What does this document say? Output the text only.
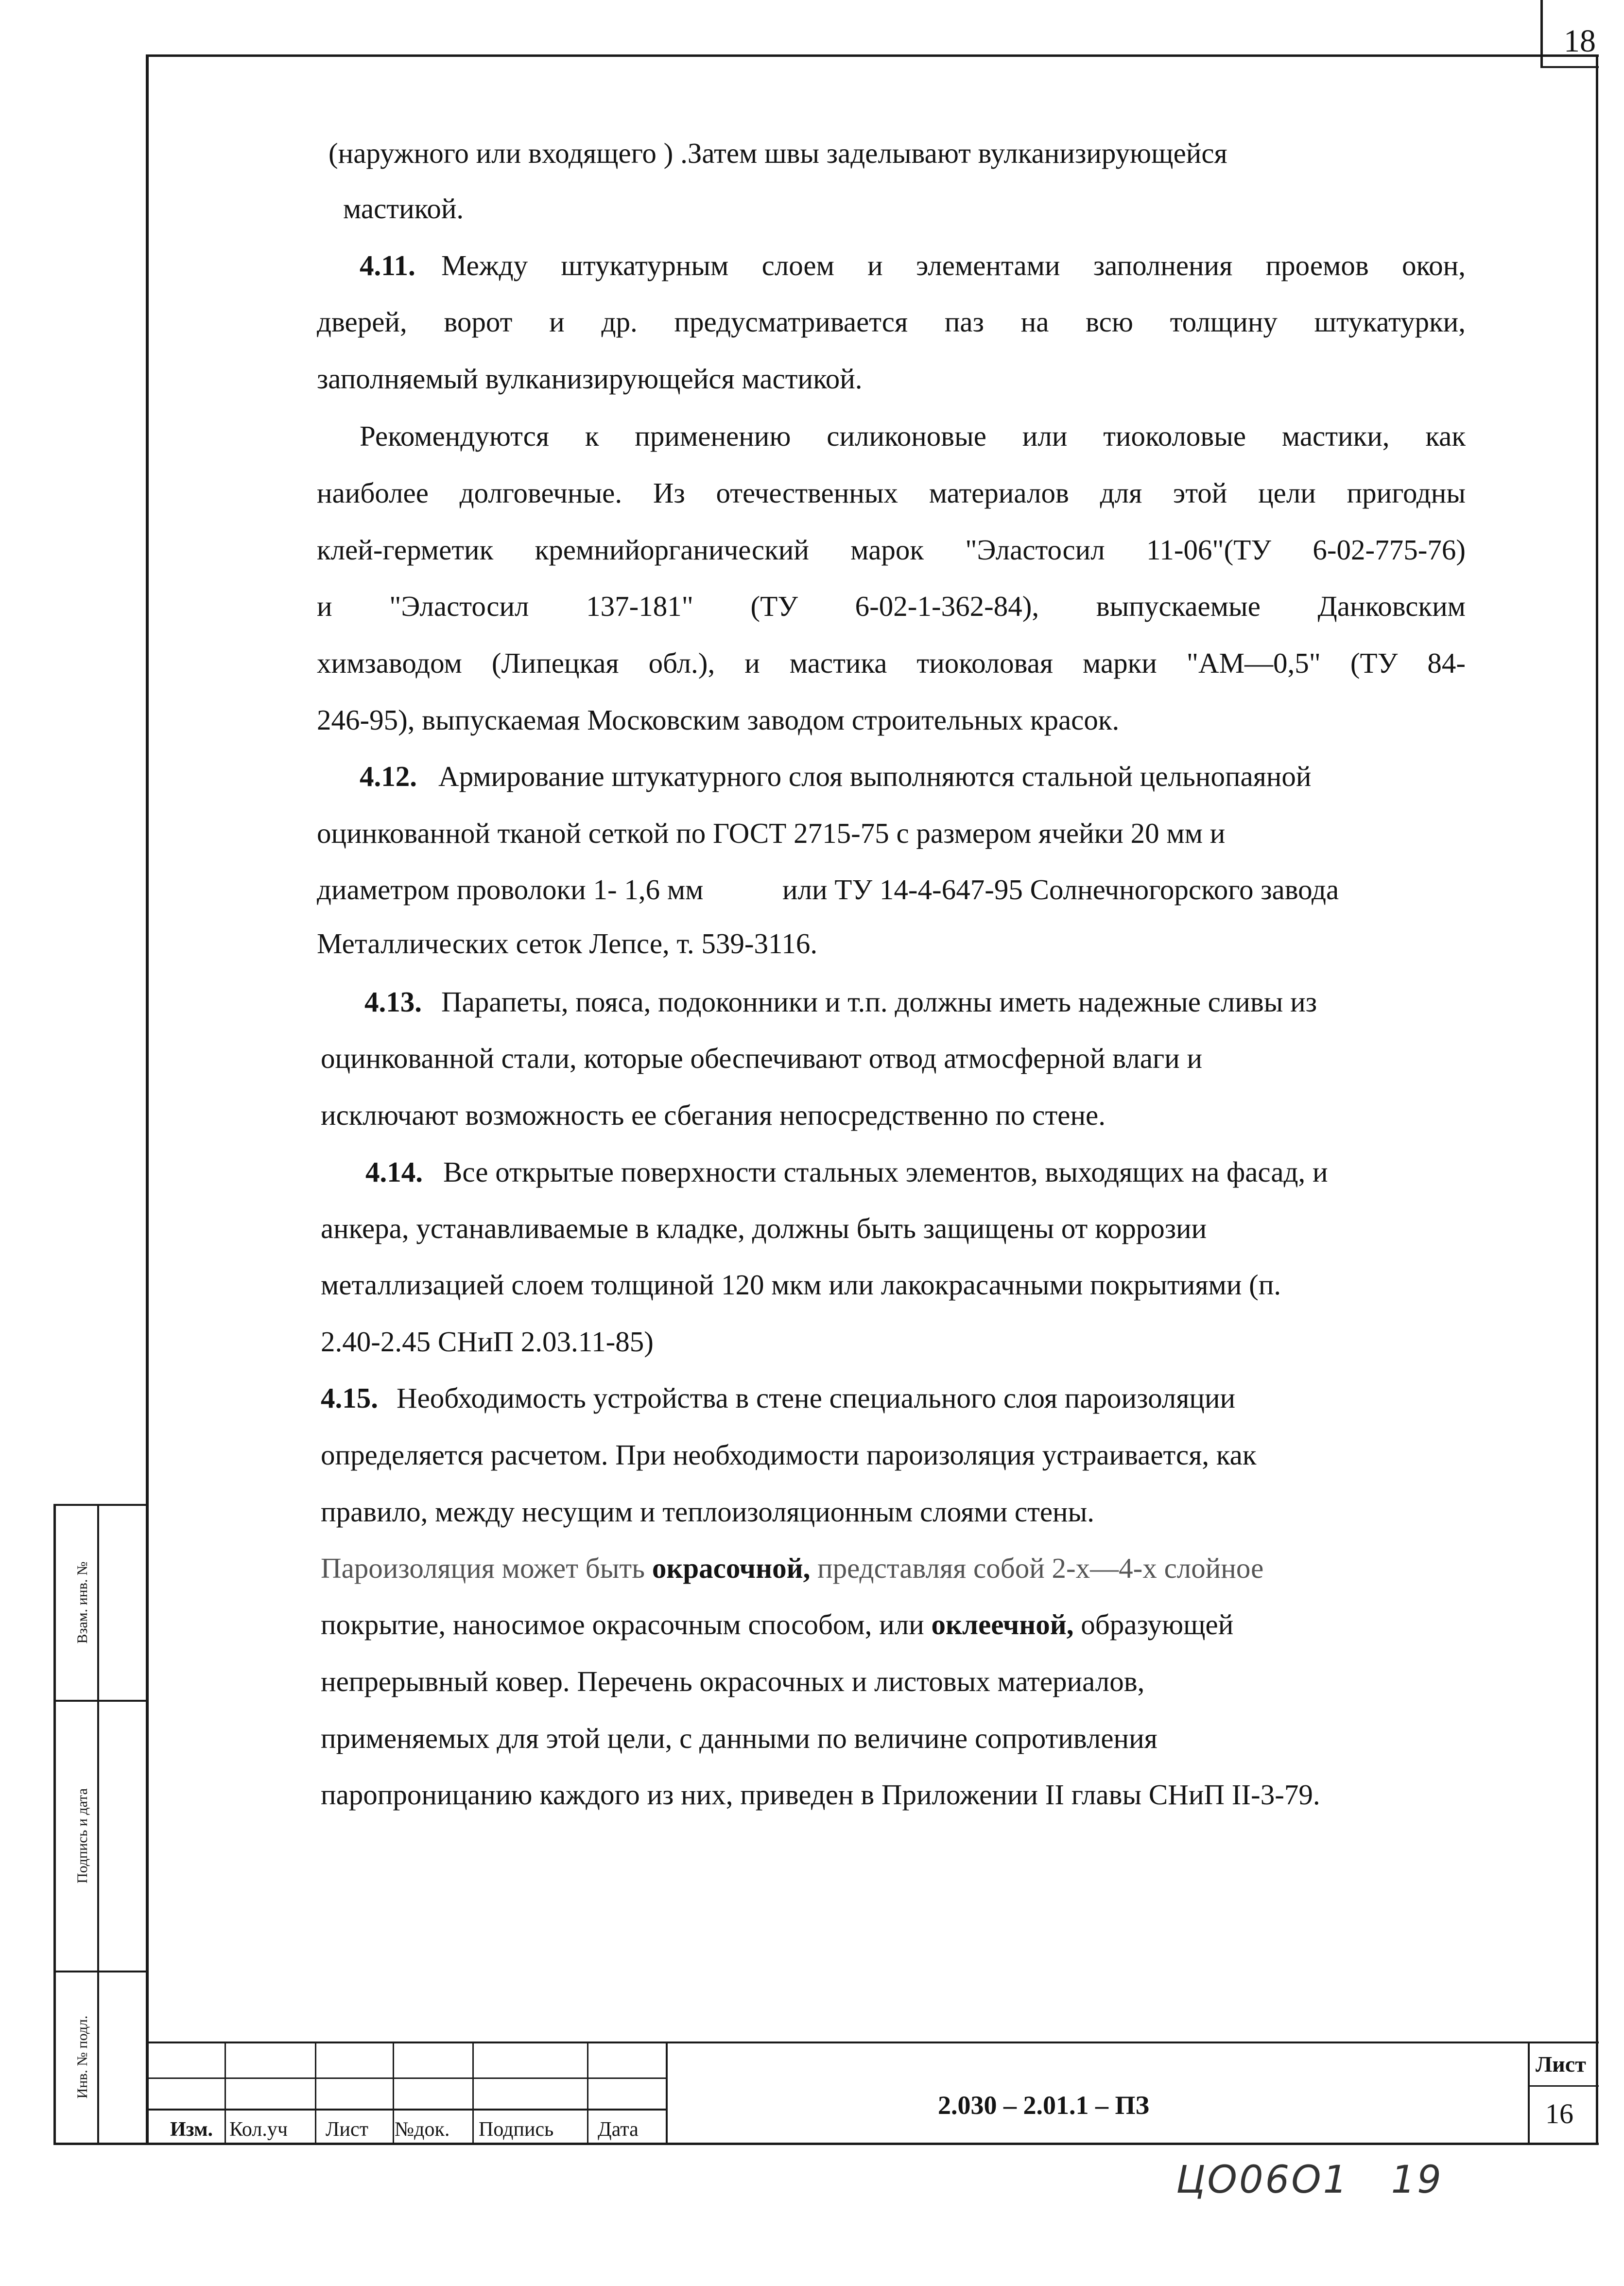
18
Взам. инв. №
Подпись и дата
Инв. № подл.
(наружного или входящего ) .Затем швы заделывают вулканизирующейся
мастикой.
4.11. Между штукатурным слоем и элементами заполнения проемов окон,
дверей, ворот и др. предусматривается паз на всю толщину штукатурки,
заполняемый вулканизирующейся мастикой.
Рекомендуются к применению силиконовые или тиоколовые мастики, как
наиболее долговечные. Из отечественных материалов для этой цели пригодны
клей-герметик кремнийорганический марок "Эластосил 11-06"(ТУ 6-02-775-76)
и "Эластосил 137-181" (ТУ 6-02-1-362-84), выпускаемые Данковским
химзаводом (Липецкая обл.), и мастика тиоколовая марки "АМ—0,5" (ТУ 84-
246-95), выпускаемая Московским заводом строительных красок.
4.12. Армирование штукатурного слоя выполняются стальной цельнопаяной
оцинкованной тканой сеткой по ГОСТ 2715-75 с размером ячейки 20 мм и
диаметром проволоки 1- 1,6 мм	или ТУ 14-4-647-95 Солнечногорского завода
Металлических сеток Лепсе, т. 539-3116.
4.13. Парапеты, пояса, подоконники и т.п. должны иметь надежные сливы из
оцинкованной стали, которые обеспечивают отвод атмосферной влаги и
исключают возможность ее сбегания непосредственно по стене.
4.14. Все открытые поверхности стальных элементов, выходящих на фасад, и
анкера, устанавливаемые в кладке, должны быть защищены от коррозии
металлизацией слоем толщиной 120 мкм или лакокрасачными покрытиями (п.
2.40-2.45 СНиП 2.03.11-85)
4.15. Необходимость устройства в стене специального слоя пароизоляции
определяется расчетом. При необходимости пароизоляция устраивается, как
правило, между несущим и теплоизоляционным слоями стены.
Пароизоляция может быть окрасочной, представляя собой 2-х—4-х слойное
покрытие, наносимое окрасочным способом, или оклеечной, образующей
непрерывный ковер. Перечень окрасочных и листовых материалов,
применяемых для этой цели, с данными по величине сопротивления
паропроницанию каждого из них, приведен в Приложении II главы СНиП II-3-79.
Изм. Кол.уч Лист №док. Подпись Дата
2.030 – 2.01.1 – ПЗ
Лист
16
ЦО06О1   19
